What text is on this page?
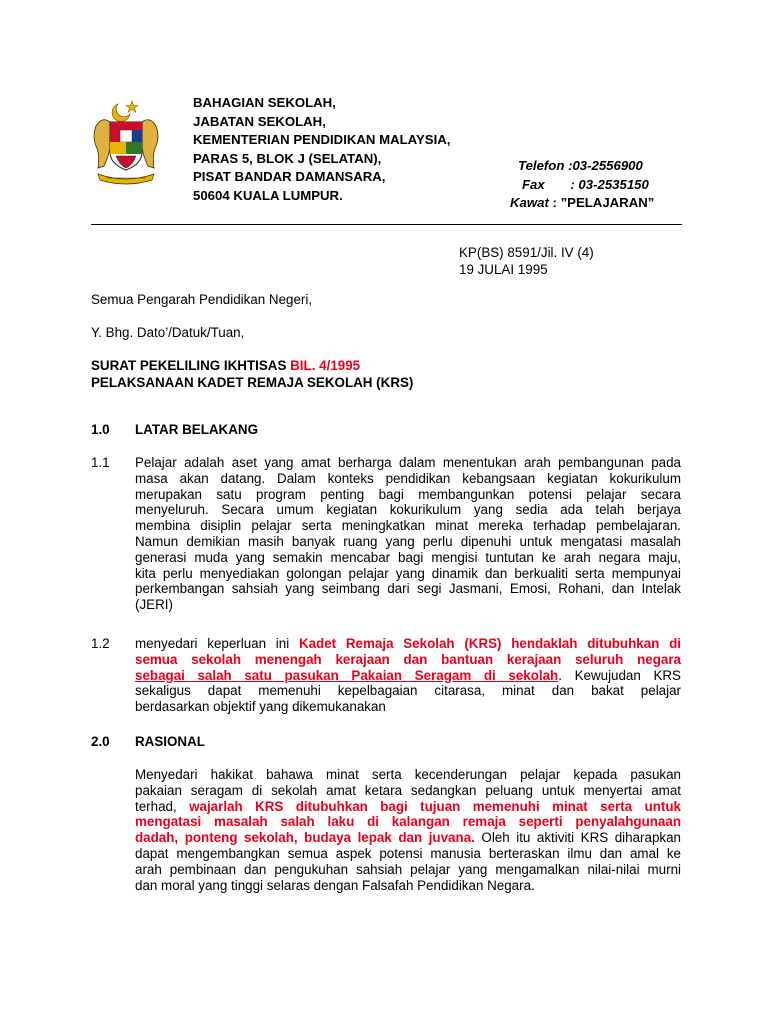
BAHAGIAN SEKOLAH,
JABATAN SEKOLAH,
KEMENTERIAN PENDIDIKAN MALAYSIA,
PARAS 5, BLOK J (SELATAN),
PISAT BANDAR DAMANSARA,
50604 KUALA LUMPUR.
Telefon :03-2556900
Fax       : 03-2535150
Kawat : ”PELAJARAN”
KP(BS) 8591/Jil. IV (4)
19 JULAI 1995
Semua Pengarah Pendidikan Negeri,
Y. Bhg. Dato’/Datuk/Tuan,
SURAT PEKELILING IKHTISAS BIL. 4/1995
PELAKSANAAN KADET REMAJA SEKOLAH (KRS)
1.0 LATAR BELAKANG
1.1 Pelajar adalah aset yang amat berharga dalam menentukan arah pembangunan pada
masa akan datang. Dalam konteks pendidikan kebangsaan kegiatan kokurikulum
merupakan satu program penting bagi membangunkan potensi pelajar secara
menyeluruh. Secara umum kegiatan kokurikulum yang sedia ada telah berjaya
membina disiplin pelajar serta meningkatkan minat mereka terhadap pembelajaran.
Namun demikian masih banyak ruang yang perlu dipenuhi untuk mengatasi masalah
generasi muda yang semakin mencabar bagi mengisi tuntutan ke arah negara maju,
kita perlu menyediakan golongan pelajar yang dinamik dan berkualiti serta mempunyai
perkembangan sahsiah yang seimbang dari segi Jasmani, Emosi, Rohani, dan Intelak
(JERI)
1.2 menyedari keperluan ini Kadet Remaja Sekolah (KRS) hendaklah ditubuhkan di
semua sekolah menengah kerajaan dan bantuan kerajaan seluruh negara
sebagai salah satu pasukan Pakaian Seragam di sekolah. Kewujudan KRS
sekaligus dapat memenuhi kepelbagaian citarasa, minat dan bakat pelajar
berdasarkan objektif yang dikemukanakan
2.0 RASIONAL
Menyedari hakikat bahawa minat serta kecenderungan pelajar kepada pasukan
pakaian seragam di sekolah amat ketara sedangkan peluang untuk menyertai amat
terhad, wajarlah KRS ditubuhkan bagi tujuan memenuhi minat serta untuk
mengatasi masalah salah laku di kalangan remaja seperti penyalahgunaan
dadah, ponteng sekolah, budaya lepak dan juvana. Oleh itu aktiviti KRS diharapkan
dapat mengembangkan semua aspek potensi manusia berteraskan ilmu dan amal ke
arah pembinaan dan pengukuhan sahsiah pelajar yang mengamalkan nilai-nilai murni
dan moral yang tinggi selaras dengan Falsafah Pendidikan Negara.
